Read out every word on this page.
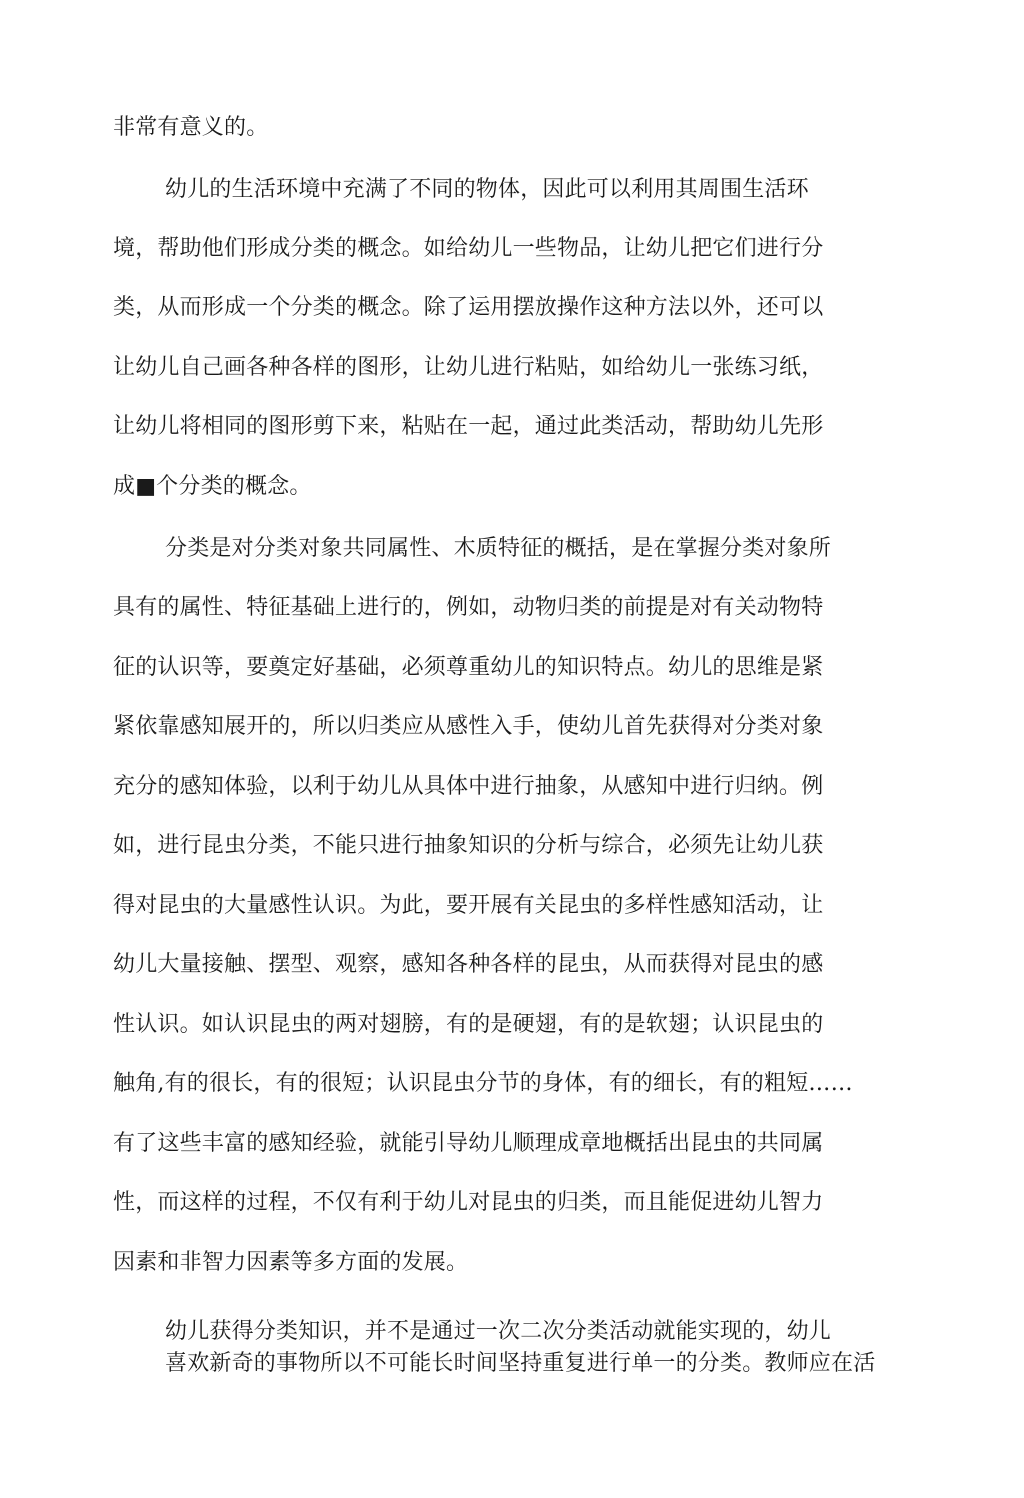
非常有意义的。
幼儿的生活环境中充满了不同的物体，因此可以利用其周围生活环
境，帮助他们形成分类的概念。如给幼儿一些物品，让幼儿把它们进行分
类，从而形成一个分类的概念。除了运用摆放操作这种方法以外，还可以
让幼儿自己画各种各样的图形，让幼儿进行粘贴，如给幼儿一张练习纸，
让幼儿将相同的图形剪下来，粘贴在一起，通过此类活动，帮助幼儿先形
成■个分类的概念。
分类是对分类对象共同属性、木质特征的概括，是在掌握分类对象所
具有的属性、特征基础上进行的，例如，动物归类的前提是对有关动物特
征的认识等，要奠定好基础，必须尊重幼儿的知识特点。幼儿的思维是紧
紧依靠感知展开的，所以归类应从感性入手，使幼儿首先获得对分类对象
充分的感知体验，以利于幼儿从具体中进行抽象，从感知中进行归纳。例
如，进行昆虫分类，不能只进行抽象知识的分析与综合，必须先让幼儿获
得对昆虫的大量感性认识。为此，要开展有关昆虫的多样性感知活动，让
幼儿大量接触、摆型、观察，感知各种各样的昆虫，从而获得对昆虫的感
性认识。如认识昆虫的两对翅膀，有的是硬翅，有的是软翅；认识昆虫的
触角,有的很长，有的很短；认识昆虫分节的身体，有的细长，有的粗短……
有了这些丰富的感知经验，就能引导幼儿顺理成章地概括出昆虫的共同属
性，而这样的过程，不仅有利于幼儿对昆虫的归类，而且能促进幼儿智力
因素和非智力因素等多方面的发展。
幼儿获得分类知识，并不是通过一次二次分类活动就能实现的，幼儿
喜欢新奇的事物所以不可能长时间坚持重复进行单一的分类。教师应在活
